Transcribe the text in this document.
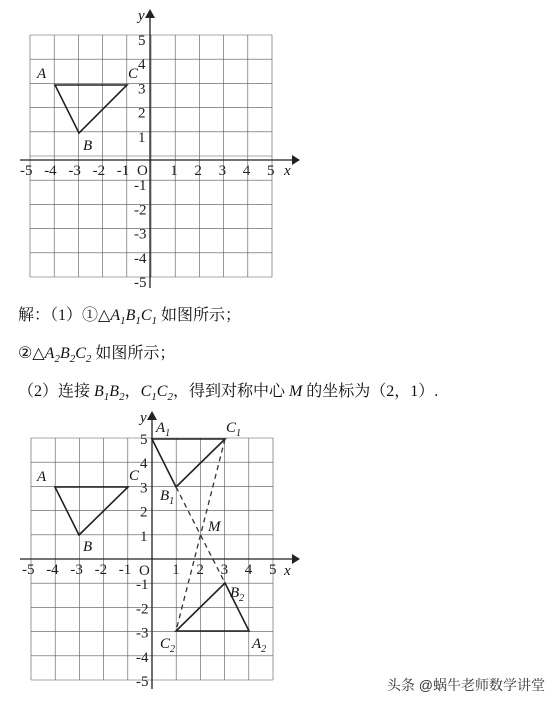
x
y
-5 -4 -3 -2 -1	1 2 3 4 5
5
4
3
2
1
-1
-2
-3
-4
-5
O
A
B
C
解：$(1)①\triangle A_1B_1C_1$ 如图所示；
$②\triangle A_2B_2C_2$ 如图所示；
（2）连接 $B_1B_2$，$C_1C_2$，得到对称中心 M 的坐标为（2，1）.
x
y
-5 -4 -3 -2 -1	1 2 3 4 5
5
4
3
2
1
-1
-2
-3
-4
-5
O
A
B
C
$A_1$
$B_1$
$C_1$
$A_2$
$B_2$
$C_2$
M
头条 @蜗牛老师数学讲堂
